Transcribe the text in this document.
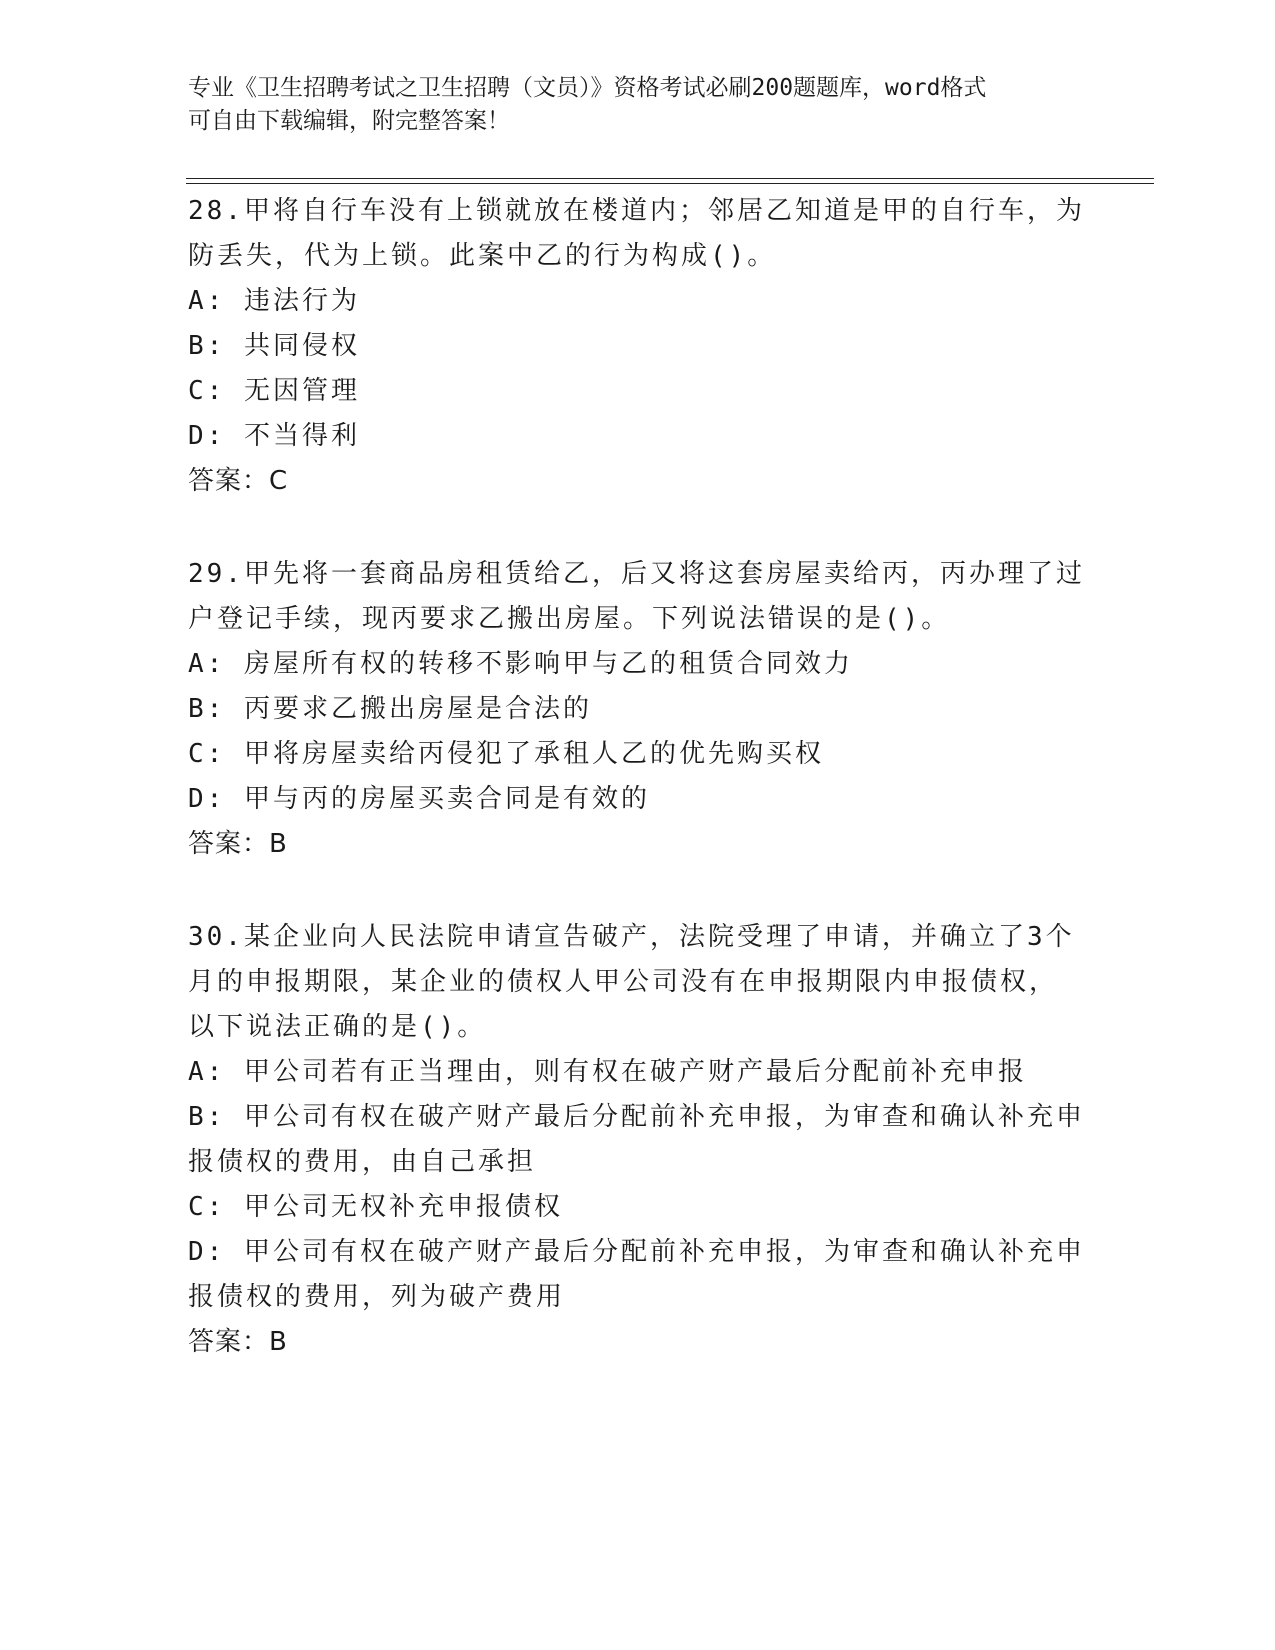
专业《卫生招聘考试之卫生招聘（文员）》资格考试必刷200题题库，word格式
可自由下载编辑，附完整答案！
28.甲将自行车没有上锁就放在楼道内；邻居乙知道是甲的自行车，为
防丢失，代为上锁。此案中乙的行为构成()。
A: 违法行为
B: 共同侵权
C: 无因管理
D: 不当得利
答案：C
29.甲先将一套商品房租赁给乙，后又将这套房屋卖给丙，丙办理了过
户登记手续，现丙要求乙搬出房屋。下列说法错误的是()。
A: 房屋所有权的转移不影响甲与乙的租赁合同效力
B: 丙要求乙搬出房屋是合法的
C: 甲将房屋卖给丙侵犯了承租人乙的优先购买权
D: 甲与丙的房屋买卖合同是有效的
答案：B
30.某企业向人民法院申请宣告破产，法院受理了申请，并确立了3个
月的申报期限，某企业的债权人甲公司没有在申报期限内申报债权，
以下说法正确的是()。
A: 甲公司若有正当理由，则有权在破产财产最后分配前补充申报
B: 甲公司有权在破产财产最后分配前补充申报，为审查和确认补充申
报债权的费用，由自己承担
C: 甲公司无权补充申报债权
D: 甲公司有权在破产财产最后分配前补充申报，为审查和确认补充申
报债权的费用，列为破产费用
答案：B
